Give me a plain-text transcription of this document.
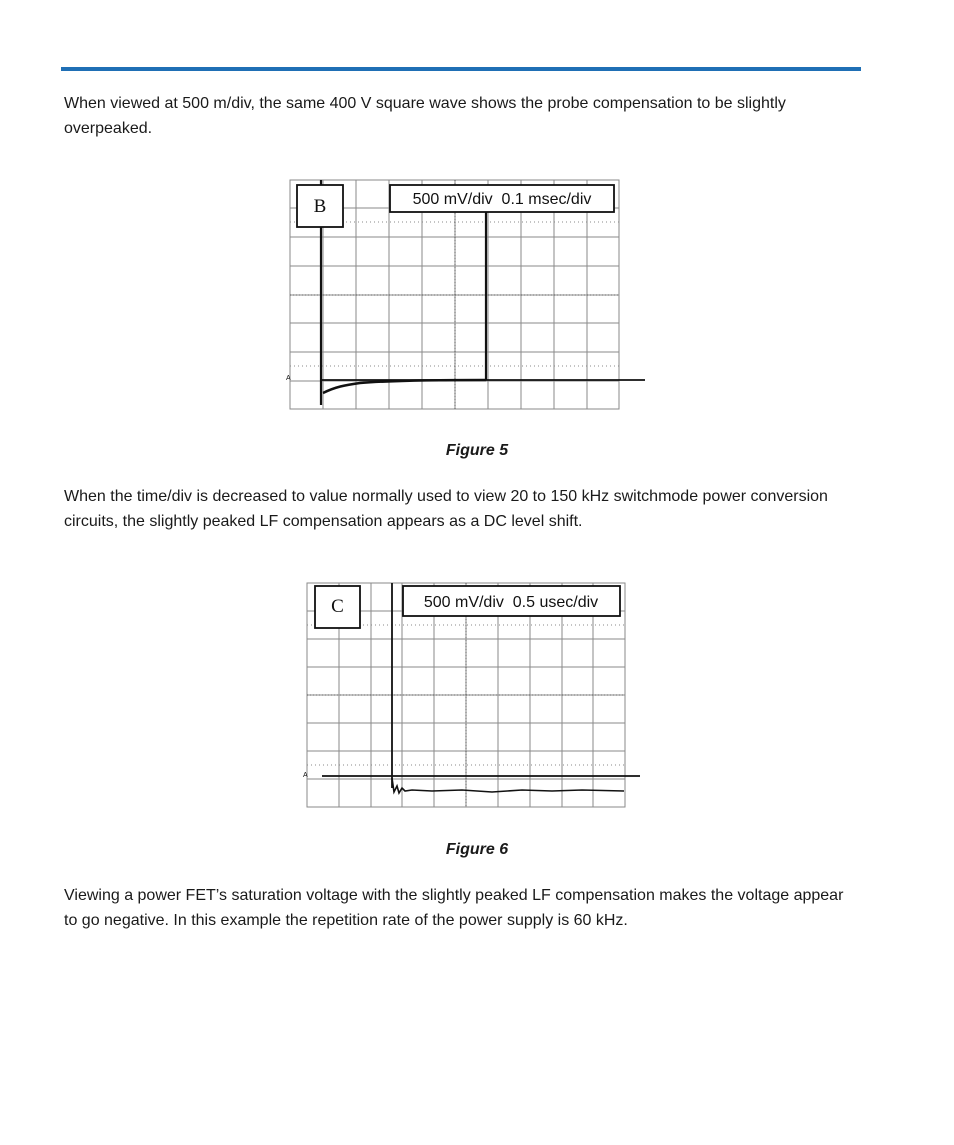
When viewed at 500 m/div, the same 400 V square wave shows the probe compensation to be slightly overpeaked.

B	500 mV/div  0.1 msec/div
A

Figure 5

When the time/div is decreased to value normally used to view 20 to 150 kHz switchmode power conversion circuits, the slightly peaked LF compensation appears as a DC level shift.

C	500 mV/div  0.5 usec/div
A

Figure 6

Viewing a power FET’s saturation voltage with the slightly peaked LF compensation makes the voltage appear to go negative. In this example the repetition rate of the power supply is 60 kHz.
